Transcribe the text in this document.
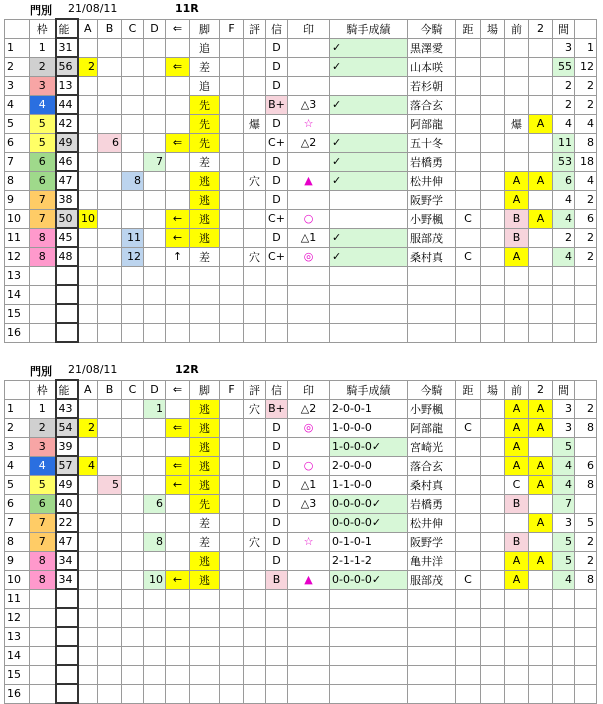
門別 21/08/11	11R
	枠	能	A	B	C	D	⇐	脚	F	評	信	印	騎手成績	今騎	距	場	前	2	間	
1	1	31						追			D		✓	黒澤愛					3	1
2	2	56	2				⇐	差			D		✓	山本咲					55	12
3	3	13						追			D			若杉朝					2	2
4	4	44						先			B+	△3	✓	落合玄					2	2
5	5	42						先		爆	D	☆		阿部龍			爆	A	4	4
6	5	49		6			⇐	先			C+	△2	✓	五十冬					11	8
7	6	46				7		差			D		✓	岩橋勇					53	18
8	6	47			8			逃		穴	D	▲	✓	松井伸			A	A	6	4
9	7	38						逃			D			阪野学			A		4	2
10	7	50	10				←	逃			C+	○		小野楓	C		B	A	4	6
11	8	45			11		←	逃			D	△1	✓	服部茂			B		2	2
12	8	48			12		↑	差		穴	C+	◎	✓	桑村真	C		A		4	2
13																				
14																				
15																				
16																				
門別 21/08/11	12R
	枠	能	A	B	C	D	⇐	脚	F	評	信	印	騎手成績	今騎	距	場	前	2	間	
1	1	43				1		逃		穴	B+	△2	2-0-0-1	小野楓			A	A	3	2
2	2	54	2				⇐	逃			D	◎	1-0-0-0	阿部龍	C		A	A	3	8
3	3	39						逃			D		1-0-0-0✓	宮崎光			A		5	
4	4	57	4				⇐	逃			D	○	2-0-0-0	落合玄			A	A	4	6
5	5	49		5			←	逃			D	△1	1-1-0-0	桑村真			C	A	4	8
6	6	40				6		先			D	△3	0-0-0-0✓	岩橋勇			B		7	
7	7	22						差			D		0-0-0-0✓	松井伸				A	3	5
8	7	47				8		差		穴	D	☆	0-1-0-1	阪野学			B		5	2
9	8	34						逃			D		2-1-1-2	亀井洋			A	A	5	2
10	8	34				10	←	逃			B	▲	0-0-0-0✓	服部茂	C		A		4	8
11																				
12																				
13																				
14																				
15																				
16																				
